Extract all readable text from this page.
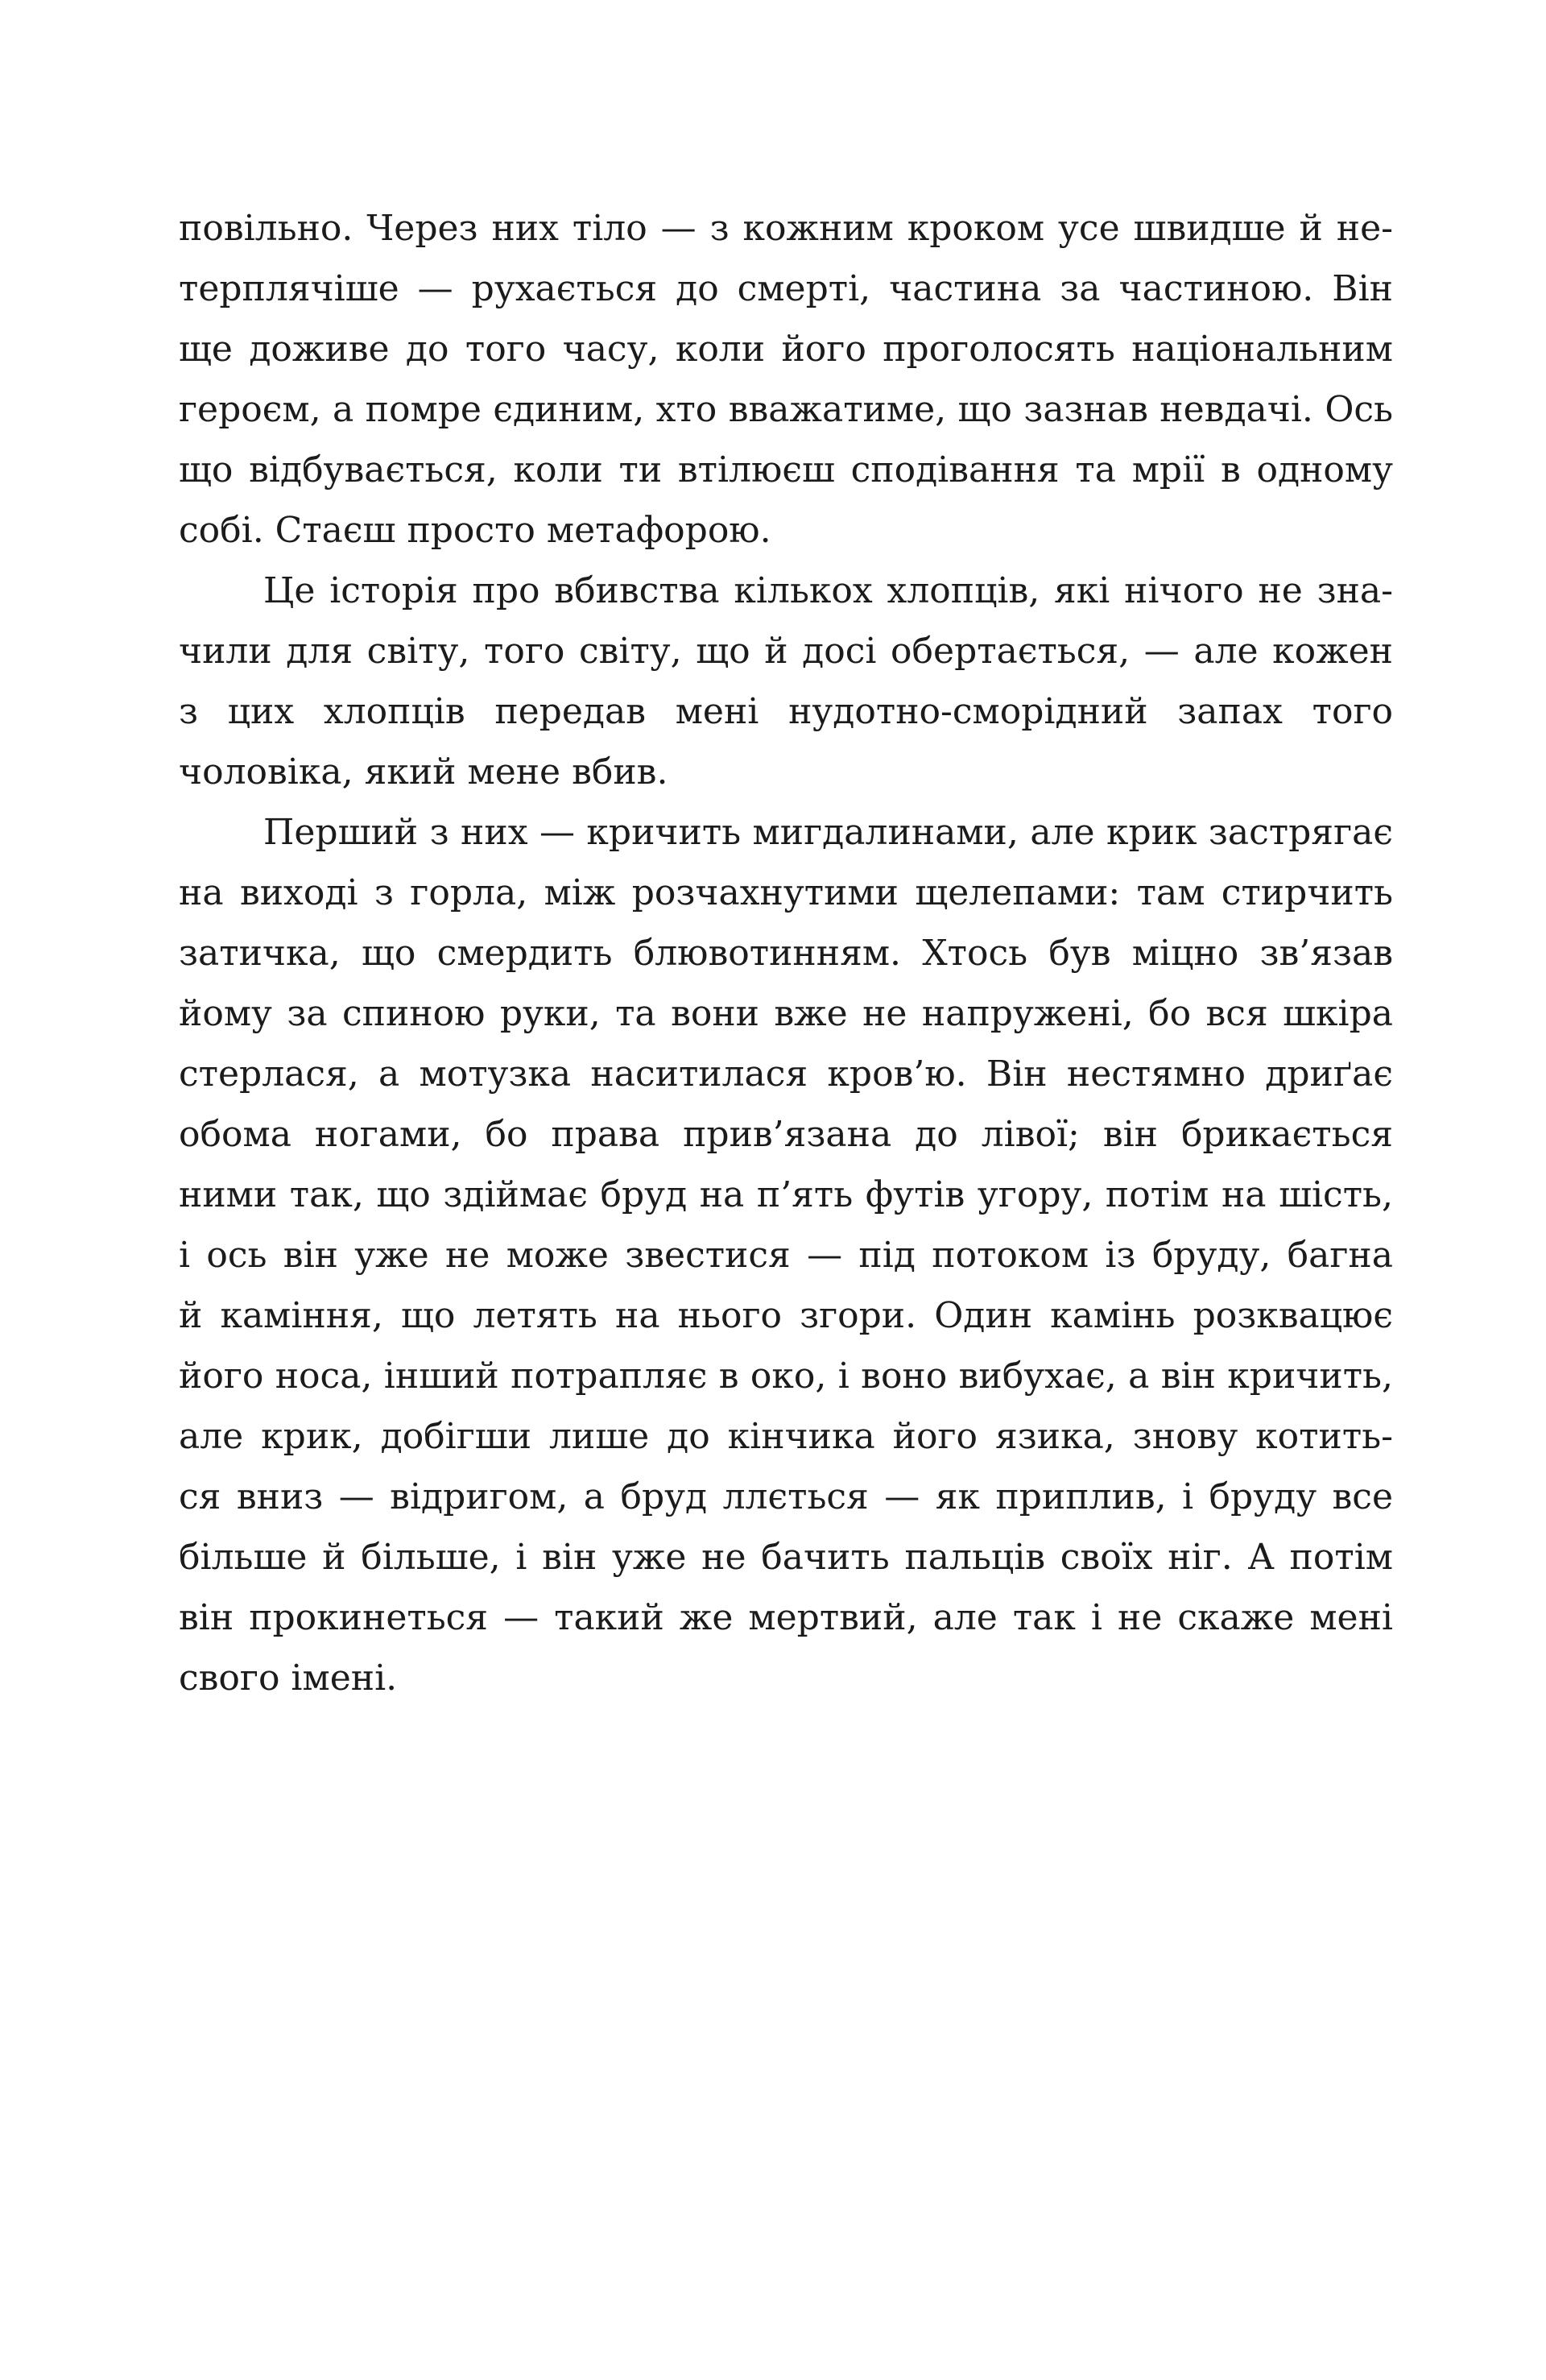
повільно. Через них тіло — з кожним кроком усе швидше й не-
терплячіше — рухається до смерті, частина за частиною. Він
ще доживе до того часу, коли його проголосять національним
героєм, а помре єдиним, хто вважатиме, що зазнав невдачі. Ось
що відбувається, коли ти втілюєш сподівання та мрії в одному
собі. Стаєш просто метафорою.
Це історія про вбивства кількох хлопців, які нічого не зна-
чили для світу, того світу, що й досі обертається, — але кожен
з цих хлопців передав мені нудотно-сморідний запах того
чоловіка, який мене вбив.
Перший з них — кричить мигдалинами, але крик застрягає
на виході з горла, між розчахнутими щелепами: там стирчить
затичка, що смердить блювотинням. Хтось був міцно зв’язав
йому за спиною руки, та вони вже не напружені, бо вся шкіра
стерлася, а мотузка наситилася кров’ю. Він нестямно дриґає
обома ногами, бо права прив’язана до лівої; він брикається
ними так, що здіймає бруд на п’ять футів угору, потім на шість,
і ось він уже не може звестися — під потоком із бруду, багна
й каміння, що летять на нього згори. Один камінь розквацює
його носа, інший потрапляє в око, і воно вибухає, а він кричить,
але крик, добігши лише до кінчика його язика, знову котить-
ся вниз — відригом, а бруд ллється — як приплив, і бруду все
більше й більше, і він уже не бачить пальців своїх ніг. А потім
він прокинеться — такий же мертвий, але так і не скаже мені
свого імені.
